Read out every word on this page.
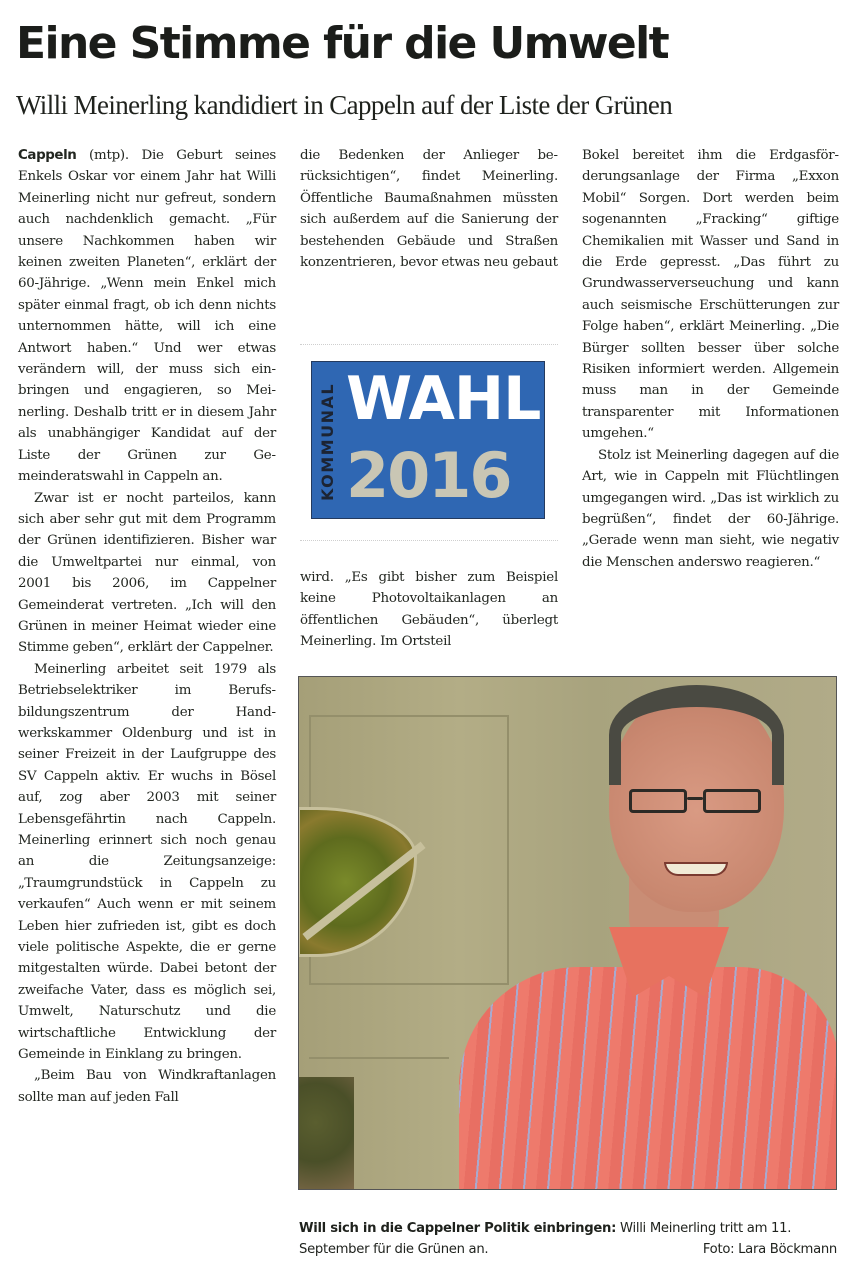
Eine Stimme für die Umwelt
Willi Meinerling kandidiert in Cappeln auf der Liste der Grünen

Cappeln (mtp). Die Geburt seines Enkels Oskar vor einem Jahr hat Willi Meinerling nicht nur gefreut, sondern auch nachdenklich gemacht. „Für unsere Nachkommen haben wir keinen zweiten Planeten“, erklärt der 60-Jährige. „Wenn mein Enkel mich später einmal fragt, ob ich denn nichts unternommen hätte, will ich eine Antwort haben.“ Und wer etwas verändern will, der muss sich einbringen und engagieren, so Meinerling. Deshalb tritt er in diesem Jahr als unabhängiger Kandidat auf der Liste der Grünen zur Gemeinderatswahl in Cappeln an.

Zwar ist er nocht parteilos, kann sich aber sehr gut mit dem Programm der Grünen identifizieren. Bisher war die Umweltpartei nur einmal, von 2001 bis 2006, im Cappelner Gemeinderat vertreten. „Ich will den Grünen in meiner Heimat wieder eine Stimme geben“, erklärt der Cappelner.

Meinerling arbeitet seit 1979 als Betriebselektriker im Berufsbildungszentrum der Handwerkskammer Oldenburg und ist in seiner Freizeit in der Laufgruppe des SV Cappeln aktiv. Er wuchs in Bösel auf, zog aber 2003 mit seiner Lebensgefährtin nach Cappeln. Meinerling erinnert sich noch genau an die Zeitungsanzeige: „Traumgrundstück in Cappeln zu verkaufen“ Auch wenn er mit seinem Leben hier zufrieden ist, gibt es doch viele politische Aspekte, die er gerne mitgestalten würde. Dabei betont der zweifache Vater, dass es möglich sei, Umwelt, Naturschutz und die wirtschaftliche Entwicklung der Gemeinde in Einklang zu bringen.

„Beim Bau von Windkraftanlagen sollte man auf jeden Fall

die Bedenken der Anlieger berücksichtigen“, findet Meinerling. Öffentliche Baumaßnahmen müssten sich außerdem auf die Sanierung der bestehenden Gebäude und Straßen konzentrieren, bevor etwas neu gebaut

KOMMUNAL WAHL
2016

wird. „Es gibt bisher zum Beispiel keine Photovoltaikanlagen an öffentlichen Gebäuden“, überlegt Meinerling. Im Ortsteil

Bokel bereitet ihm die Erdgasförderungsanlage der Firma „Exxon Mobil“ Sorgen. Dort werden beim sogenannten „Fracking“ giftige Chemikalien mit Wasser und Sand in die Erde gepresst. „Das führt zu Grundwasserverseuchung und kann auch seismische Erschütterungen zur Folge haben“, erklärt Meinerling. „Die Bürger sollten besser über solche Risiken informiert werden. Allgemein muss man in der Gemeinde transparenter mit Informationen umgehen.“

Stolz ist Meinerling dagegen auf die Art, wie in Cappeln mit Flüchtlingen umgegangen wird. „Das ist wirklich zu begrüßen“, findet der 60-Jährige. „Gerade wenn man sieht, wie negativ die Menschen anderswo reagieren.“

Will sich in die Cappelner Politik einbringen: Willi Meinerling tritt am 11. September für die Grünen an.	Foto: Lara Böckmann
